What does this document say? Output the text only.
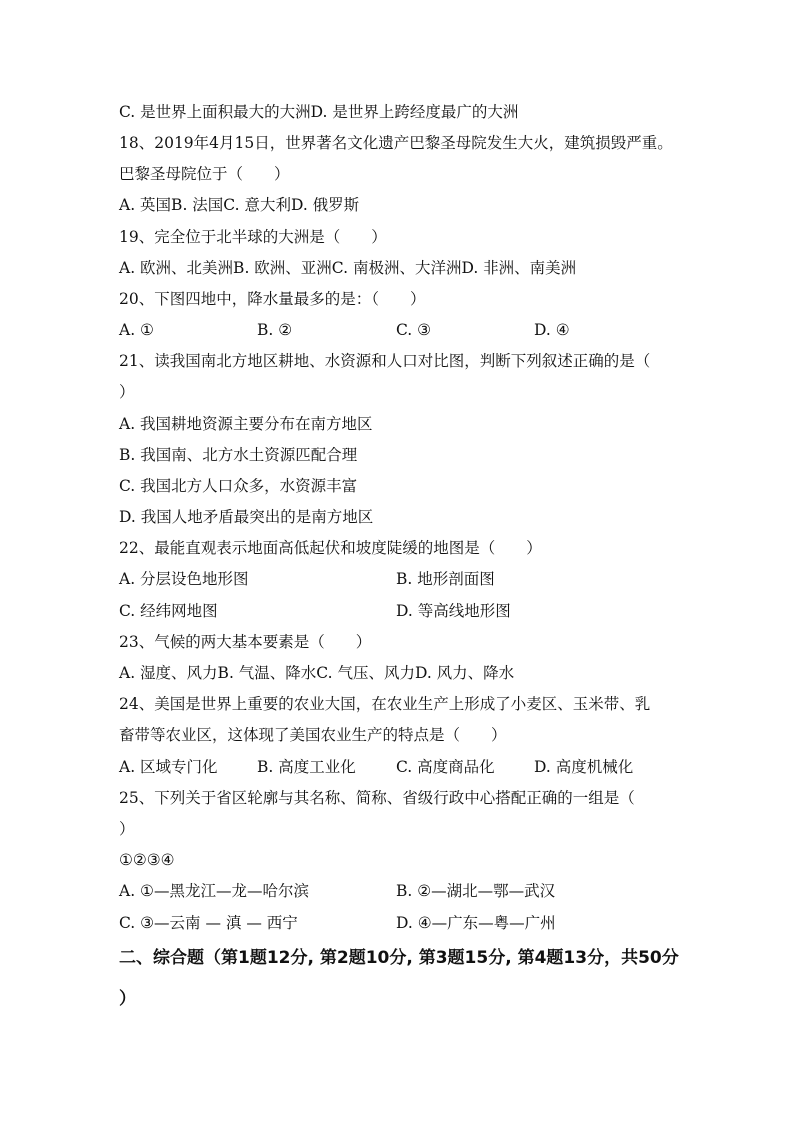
C. 是世界上面积最大的大洲D. 是世界上跨经度最广的大洲
18、2019年4月15日，世界著名文化遗产巴黎圣母院发生大火，建筑损毁严重。
巴黎圣母院位于（　　）
A. 英国B. 法国C. 意大利D. 俄罗斯
19、完全位于北半球的大洲是（　　）
A. 欧洲、北美洲B. 欧洲、亚洲C. 南极洲、大洋洲D. 非洲、南美洲
20、下图四地中，降水量最多的是：（　　）
A. ①	B. ②	C. ③	D. ④
21、读我国南北方地区耕地、水资源和人口对比图，判断下列叙述正确的是（
）
A. 我国耕地资源主要分布在南方地区
B. 我国南、北方水土资源匹配合理
C. 我国北方人口众多，水资源丰富
D. 我国人地矛盾最突出的是南方地区
22、最能直观表示地面高低起伏和坡度陡缓的地图是（　　）
A. 分层设色地形图	B. 地形剖面图
C. 经纬网地图	D. 等高线地形图
23、气候的两大基本要素是（　　）
A. 湿度、风力B. 气温、降水C. 气压、风力D. 风力、降水
24、美国是世界上重要的农业大国，在农业生产上形成了小麦区、玉米带、乳
畜带等农业区，这体现了美国农业生产的特点是（　　）
A. 区域专门化	B. 高度工业化	C. 高度商品化	D. 高度机械化
25、下列关于省区轮廓与其名称、简称、省级行政中心搭配正确的一组是（
）
①②③④
A. ①—黑龙江—龙—哈尔滨	B. ②—湖北—鄂—武汉
C. ③—云南 — 滇 — 西宁	D. ④—广东—粤—广州
二、综合题（第1题12分, 第2题10分, 第3题15分, 第4题13分，共50分
）
